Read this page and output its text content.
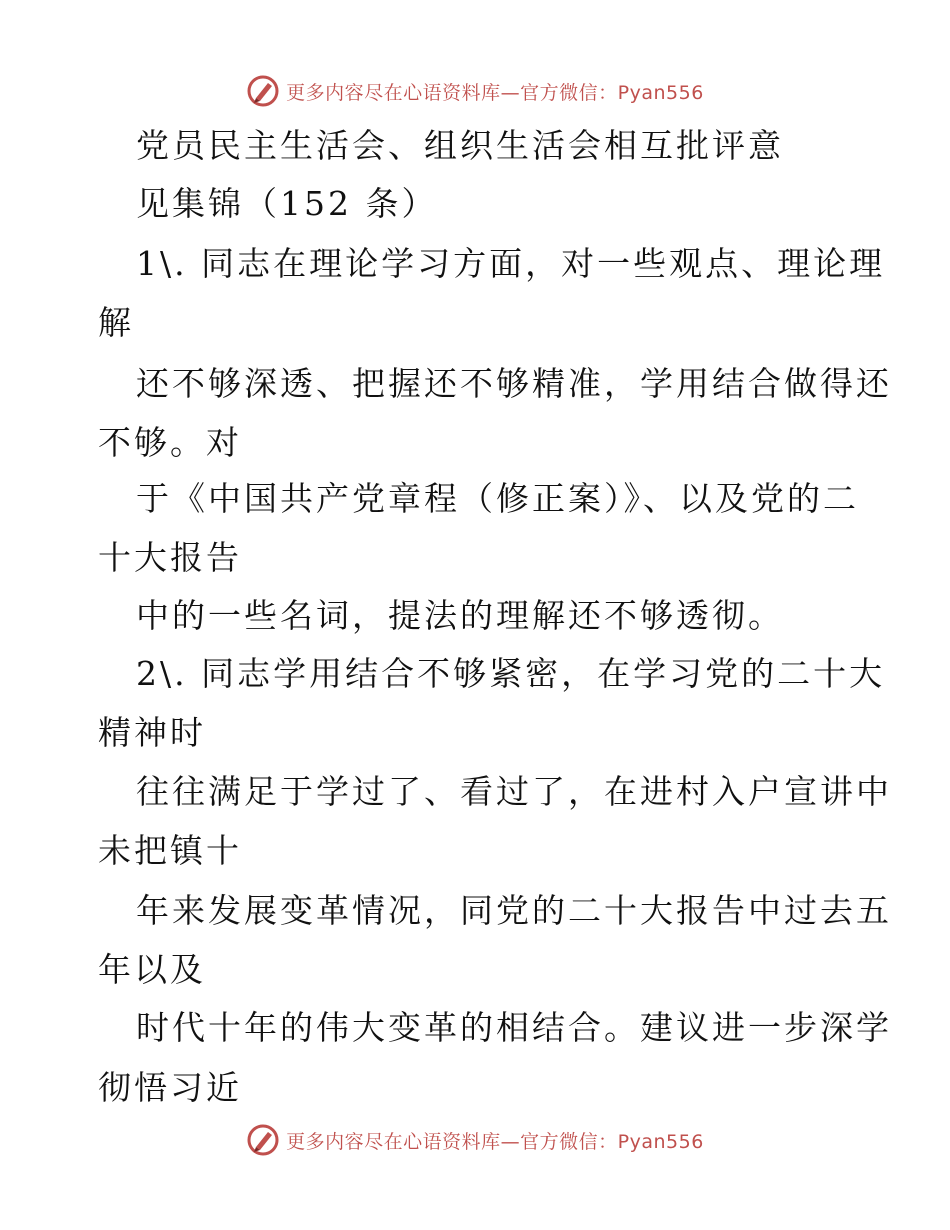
更多内容尽在心语资料库—官方微信：Pyan556
党员民主生活会、组织生活会相互批评意
见集锦（152 条）
1\. 同志在理论学习方面，对一些观点、理论理
解
还不够深透、把握还不够精准，学用结合做得还
不够。对
于《中国共产党章程（修正案）》、以及党的二
十大报告
中的一些名词，提法的理解还不够透彻。
2\. 同志学用结合不够紧密，在学习党的二十大
精神时
往往满足于学过了、看过了，在进村入户宣讲中
未把镇十
年来发展变革情况，同党的二十大报告中过去五
年以及
时代十年的伟大变革的相结合。建议进一步深学
彻悟习近
更多内容尽在心语资料库—官方微信：Pyan556
